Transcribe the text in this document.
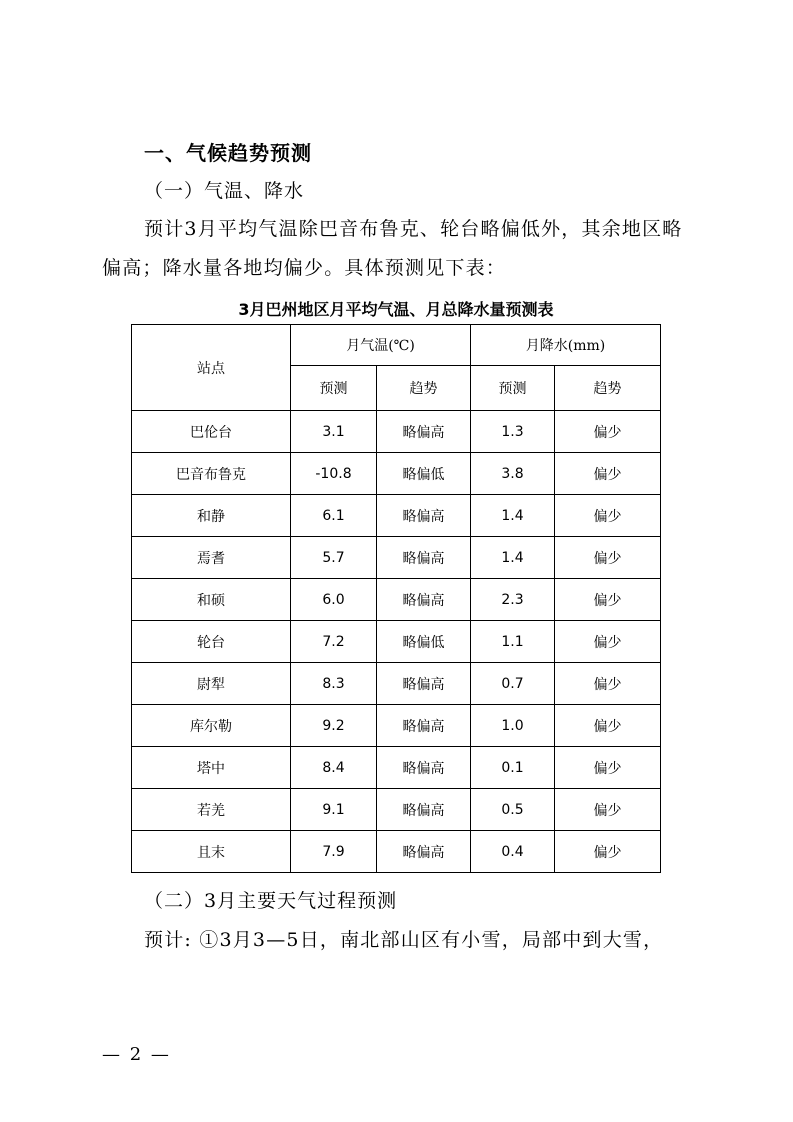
一、气候趋势预测
（一）气温、降水
预计3月平均气温除巴音布鲁克、轮台略偏低外，其余地区略偏高；降水量各地均偏少。具体预测见下表：
3月巴州地区月平均气温、月总降水量预测表
站点	月气温(℃)		月降水(mm)	
	预测	趋势	预测	趋势
巴伦台	3.1	略偏高	1.3	偏少
巴音布鲁克	-10.8	略偏低	3.8	偏少
和静	6.1	略偏高	1.4	偏少
焉耆	5.7	略偏高	1.4	偏少
和硕	6.0	略偏高	2.3	偏少
轮台	7.2	略偏低	1.1	偏少
尉犁	8.3	略偏高	0.7	偏少
库尔勒	9.2	略偏高	1.0	偏少
塔中	8.4	略偏高	0.1	偏少
若羌	9.1	略偏高	0.5	偏少
且末	7.9	略偏高	0.4	偏少
（二）3月主要天气过程预测
预计: ①3月3—5日，南北部山区有小雪，局部中到大雪，
— 2 —
